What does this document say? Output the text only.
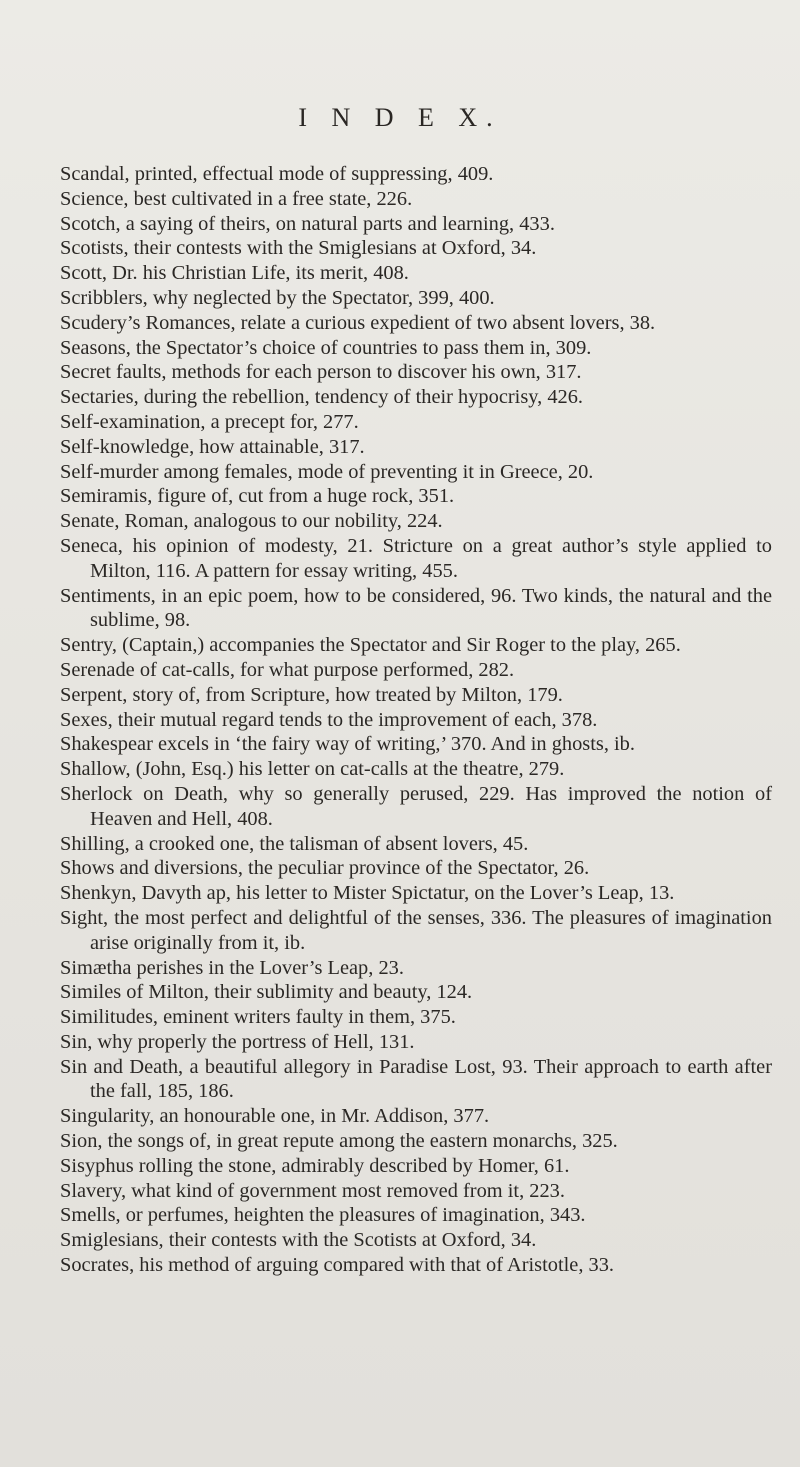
I N D E X.
Scandal, printed, effectual mode of suppressing, 409.
Science, best cultivated in a free state, 226.
Scotch, a saying of theirs, on natural parts and learning, 433.
Scotists, their contests with the Smiglesians at Oxford, 34.
Scott, Dr. his Christian Life, its merit, 408.
Scribblers, why neglected by the Spectator, 399, 400.
Scudery’s Romances, relate a curious expedient of two absent lovers, 38.
Seasons, the Spectator’s choice of countries to pass them in, 309.
Secret faults, methods for each person to discover his own, 317.
Sectaries, during the rebellion, tendency of their hypocrisy, 426.
Self-examination, a precept for, 277.
Self-knowledge, how attainable, 317.
Self-murder among females, mode of preventing it in Greece, 20.
Semiramis, figure of, cut from a huge rock, 351.
Senate, Roman, analogous to our nobility, 224.
Seneca, his opinion of modesty, 21. Stricture on a great author’s style applied to Milton, 116. A pattern for essay writing, 455.
Sentiments, in an epic poem, how to be considered, 96. Two kinds, the natural and the sublime, 98.
Sentry, (Captain,) accompanies the Spectator and Sir Roger to the play, 265.
Serenade of cat-calls, for what purpose performed, 282.
Serpent, story of, from Scripture, how treated by Milton, 179.
Sexes, their mutual regard tends to the improvement of each, 378.
Shakespear excels in ‘the fairy way of writing,’ 370. And in ghosts, ib.
Shallow, (John, Esq.) his letter on cat-calls at the theatre, 279.
Sherlock on Death, why so generally perused, 229. Has improved the notion of Heaven and Hell, 408.
Shilling, a crooked one, the talisman of absent lovers, 45.
Shows and diversions, the peculiar province of the Spectator, 26.
Shenkyn, Davyth ap, his letter to Mister Spictatur, on the Lover’s Leap, 13.
Sight, the most perfect and delightful of the senses, 336. The pleasures of imagination arise originally from it, ib.
Simætha perishes in the Lover’s Leap, 23.
Similes of Milton, their sublimity and beauty, 124.
Similitudes, eminent writers faulty in them, 375.
Sin, why properly the portress of Hell, 131.
Sin and Death, a beautiful allegory in Paradise Lost, 93. Their approach to earth after the fall, 185, 186.
Singularity, an honourable one, in Mr. Addison, 377.
Sion, the songs of, in great repute among the eastern monarchs, 325.
Sisyphus rolling the stone, admirably described by Homer, 61.
Slavery, what kind of government most removed from it, 223.
Smells, or perfumes, heighten the pleasures of imagination, 343.
Smiglesians, their contests with the Scotists at Oxford, 34.
Socrates, his method of arguing compared with that of Aristotle, 33.
